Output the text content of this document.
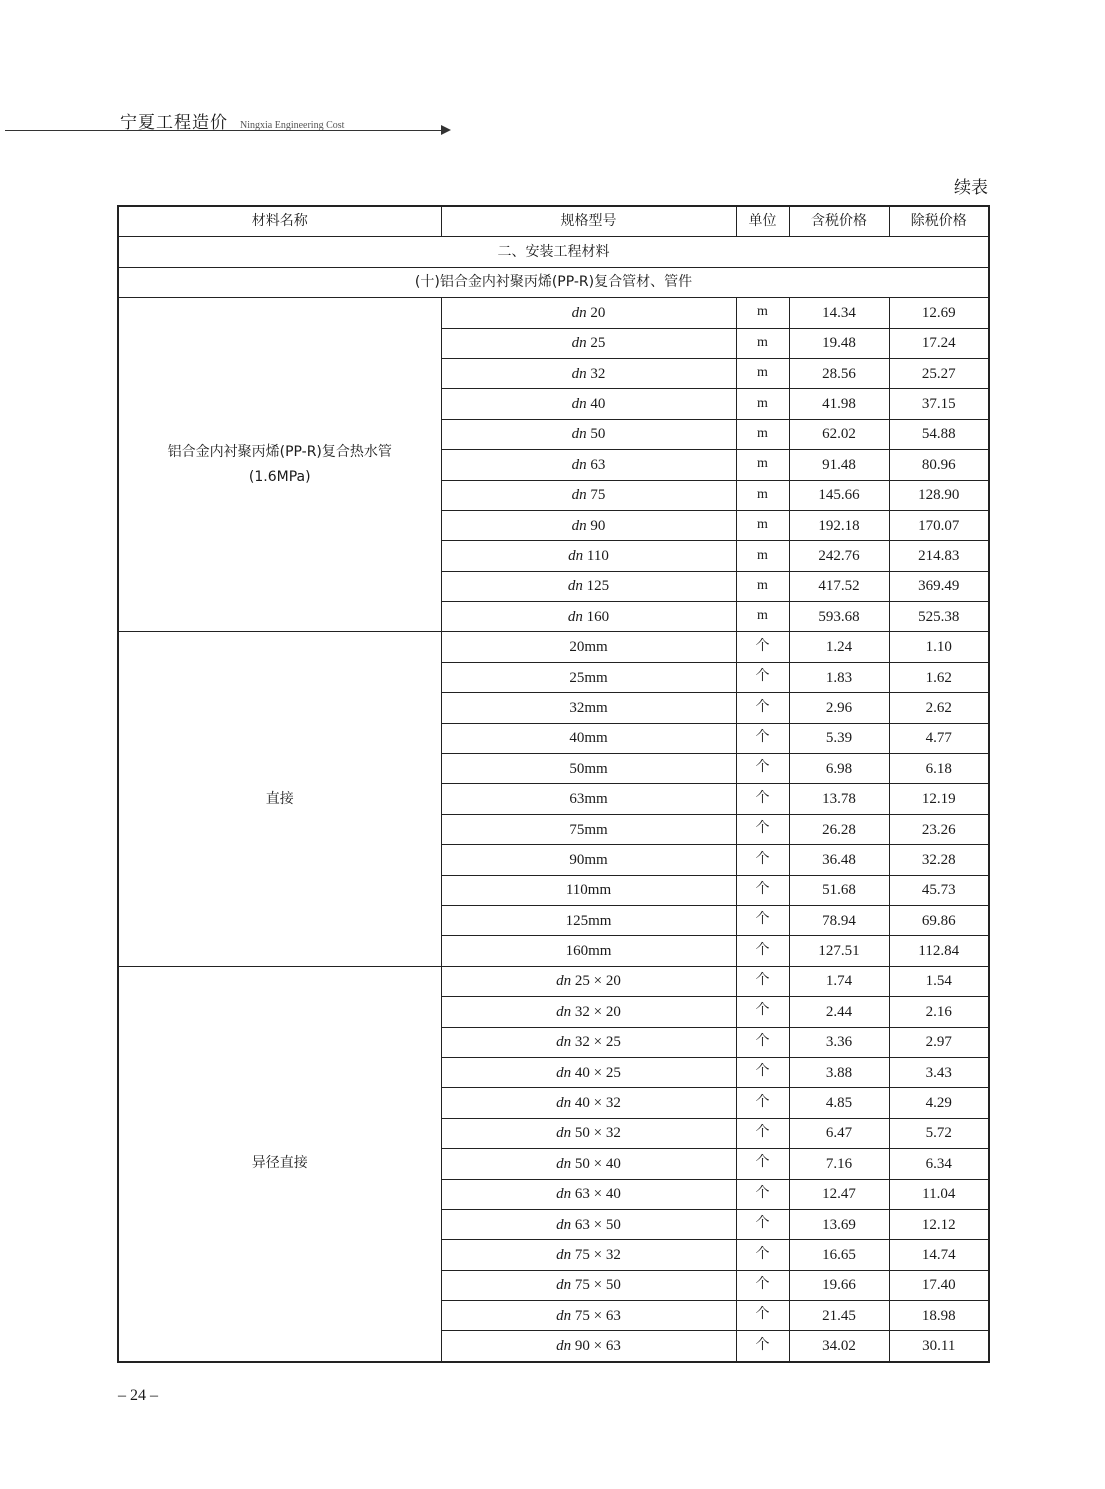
宁夏工程造价 Ningxia Engineering Cost
续表
材料名称	规格型号	单位	含税价格	除税价格
二、安装工程材料				
(十)铝合金内衬聚丙烯(PP-R)复合管材、管件				

铝合金内衬聚丙烯(PP-R)复合热水管
(1.6MPa)	dn 20	m	14.34	12.69
	dn 25	m	19.48	17.24
	dn 32	m	28.56	25.27
	dn 40	m	41.98	37.15
	dn 50	m	62.02	54.88
	dn 63	m	91.48	80.96
	dn 75	m	145.66	128.90
	dn 90	m	192.18	170.07
	dn 110	m	242.76	214.83
	dn 125	m	417.52	369.49
	dn 160	m	593.68	525.38

直接	20mm	个	1.24	1.10
	25mm	个	1.83	1.62
	32mm	个	2.96	2.62
	40mm	个	5.39	4.77
	50mm	个	6.98	6.18
	63mm	个	13.78	12.19
	75mm	个	26.28	23.26
	90mm	个	36.48	32.28
	110mm	个	51.68	45.73
	125mm	个	78.94	69.86
	160mm	个	127.51	112.84

异径直接	dn 25 × 20	个	1.74	1.54
	dn 32 × 20	个	2.44	2.16
	dn 32 × 25	个	3.36	2.97
	dn 40 × 25	个	3.88	3.43
	dn 40 × 32	个	4.85	4.29
	dn 50 × 32	个	6.47	5.72
	dn 50 × 40	个	7.16	6.34
	dn 63 × 40	个	12.47	11.04
	dn 63 × 50	个	13.69	12.12
	dn 75 × 32	个	16.65	14.74
	dn 75 × 50	个	19.66	17.40
	dn 75 × 63	个	21.45	18.98
	dn 90 × 63	个	34.02	30.11
– 24 –
